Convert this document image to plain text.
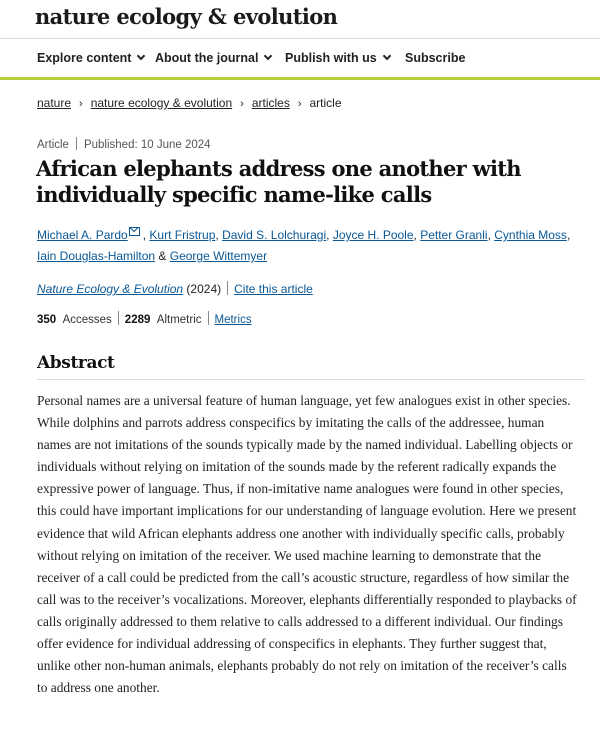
nature ecology & evolution
Explore content	About the journal	Publish with us	Subscribe
nature › nature ecology & evolution › articles › article
Article Published: 10 June 2024
African elephants address one another with individually specific name-like calls
Michael A. Pardo , Kurt Fristrup, David S. Lolchuragi, Joyce H. Poole, Petter Granli, Cynthia Moss, Iain Douglas-Hamilton & George Wittemyer
Nature Ecology & Evolution (2024) Cite this article
350 Accesses 2289 Altmetric Metrics
Abstract

Personal names are a universal feature of human language, yet few analogues exist in other species. While dolphins and parrots address conspecifics by imitating the calls of the addressee, human names are not imitations of the sounds typically made by the named individual. Labelling objects or individuals without relying on imitation of the sounds made by the referent radically expands the expressive power of language. Thus, if non-imitative name analogues were found in other species, this could have important implications for our understanding of language evolution. Here we present evidence that wild African elephants address one another with individually specific calls, probably without relying on imitation of the receiver. We used machine learning to demonstrate that the receiver of a call could be predicted from the call’s acoustic structure, regardless of how similar the call was to the receiver’s vocalizations. Moreover, elephants differentially responded to playbacks of calls originally addressed to them relative to calls addressed to a different individual. Our findings offer evidence for individual addressing of conspecifics in elephants. They further suggest that, unlike other non-human animals, elephants probably do not rely on imitation of the receiver’s calls to address one another.
